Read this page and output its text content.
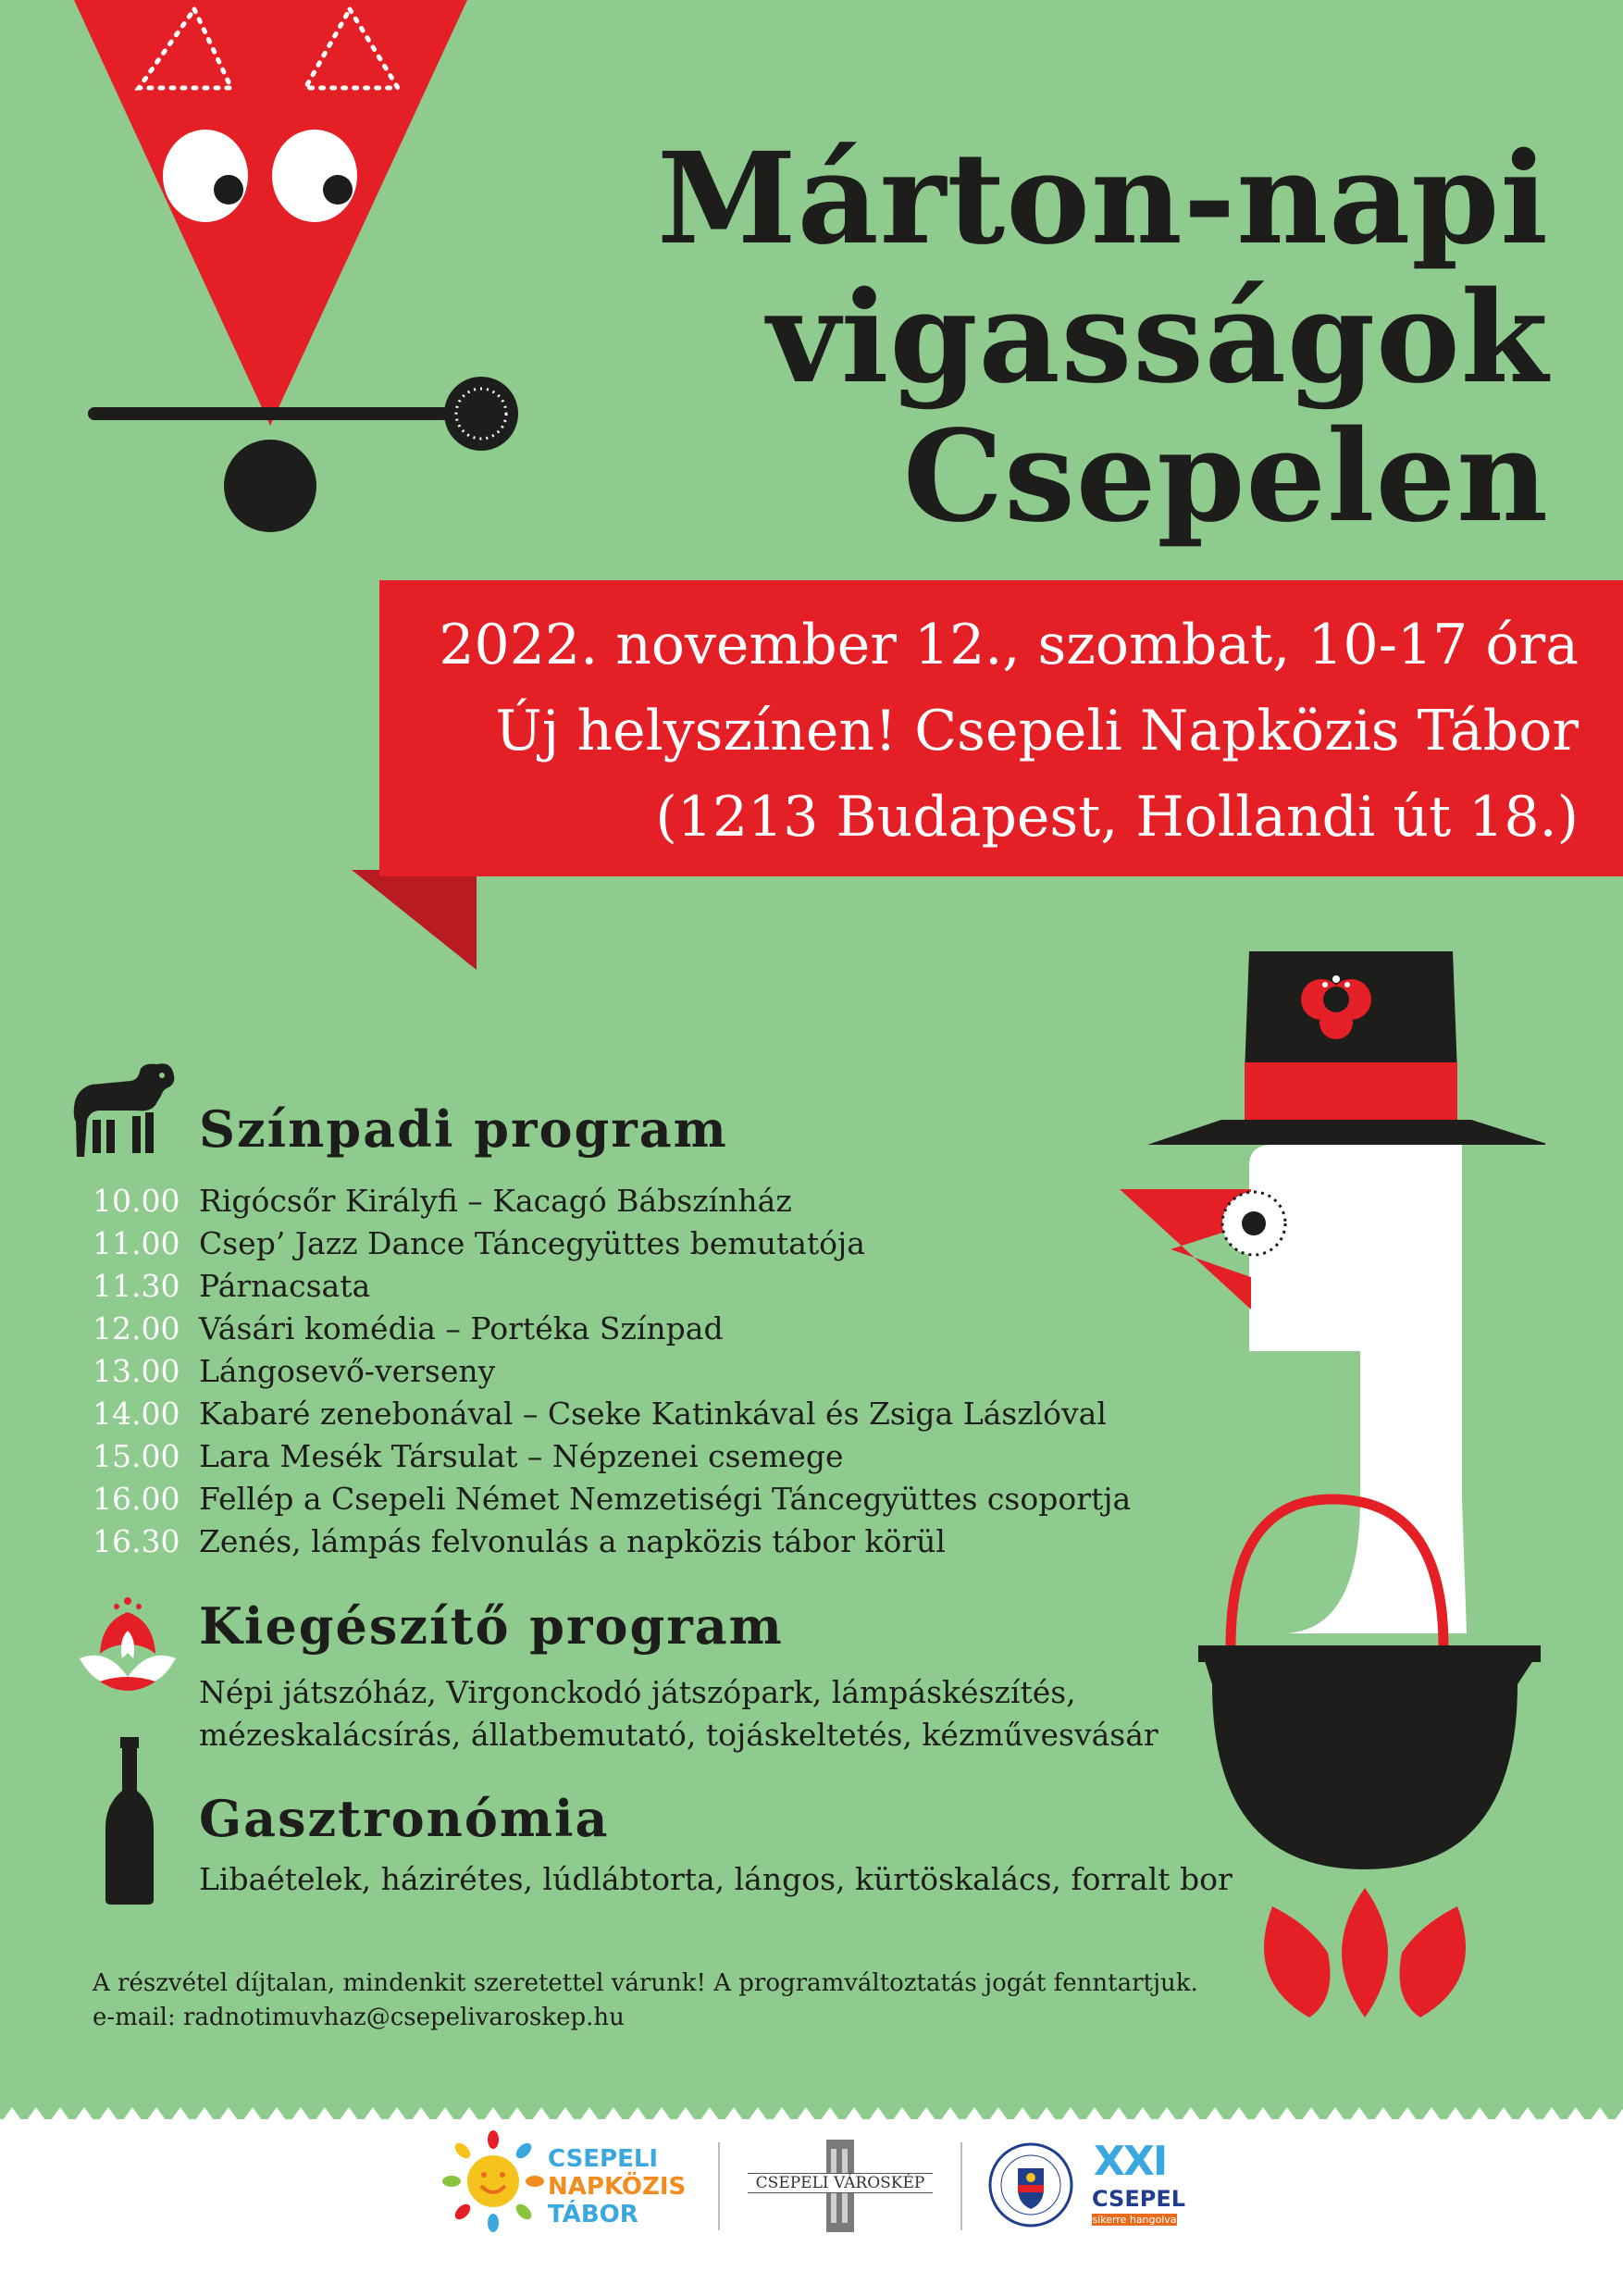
Márton-napi
vigasságok
Csepelen
2022. november 12., szombat, 10-17 óra
Új helyszínen! Csepeli Napközis Tábor
(1213 Budapest, Hollandi út 18.)
Színpadi program
10.00 Rigócsőr Királyfi – Kacagó Bábszínház
11.00 Csep’ Jazz Dance Táncegyüttes bemutatója
11.30 Párnacsata
12.00 Vásári komédia – Portéka Színpad
13.00 Lángosevő-verseny
14.00 Kabaré zenebonával – Cseke Katinkával és Zsiga Lászlóval
15.00 Lara Mesék Társulat – Népzenei csemege
16.00 Fellép a Csepeli Német Nemzetiségi Táncegyüttes csoportja
16.30 Zenés, lámpás felvonulás a napközis tábor körül
Kiegészítő program
Népi játszóház, Virgonckodó játszópark, lámpáskészítés,
mézeskalácsírás, állatbemutató, tojáskeltetés, kézművesvásár
Gasztronómia
Libaételek, házirétes, lúdlábtorta, lángos, kürtöskalács, forralt bor
A részvétel díjtalan, mindenkit szeretettel várunk! A programváltoztatás jogát fenntartjuk.
e-mail: radnotimuvhaz@csepelivaroskep.hu
CSEPELI
NAPKÖZIS
TÁBOR
CSEPELI VÁROSKÉP	XXI
CSEPEL
sikerre hangolva
